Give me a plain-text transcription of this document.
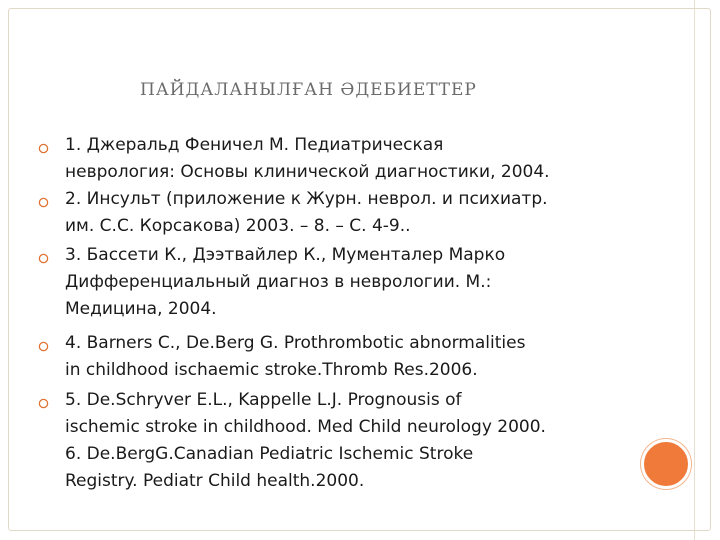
ПАЙДАЛАНЫЛҒАН ӘДЕБИЕТТЕР
1. Джеральд Феничел М. Педиатрическая
неврология: Основы клинической диагностики, 2004.
2. Инсульт (приложение к Журн. неврол. и психиатр.
им. С.С. Корсакова) 2003. – 8. – С. 4-9..
3. Бассети К., Дээтвайлер К., Мументалер Марко
Дифференциальный диагноз в неврологии. М.:
Медицина, 2004.
4. Barners C., De.Berg G. Prothrombotic abnormalities
in childhood ischaemic stroke.Thromb Res.2006.
5. De.Schryver E.L., Kappelle L.J. Prognousis of
ischemic stroke in childhood. Med Child neurology 2000.
6. De.BergG.Canadian Pediatric Ischemic Stroke
Registry. Pediatr Child health.2000.
